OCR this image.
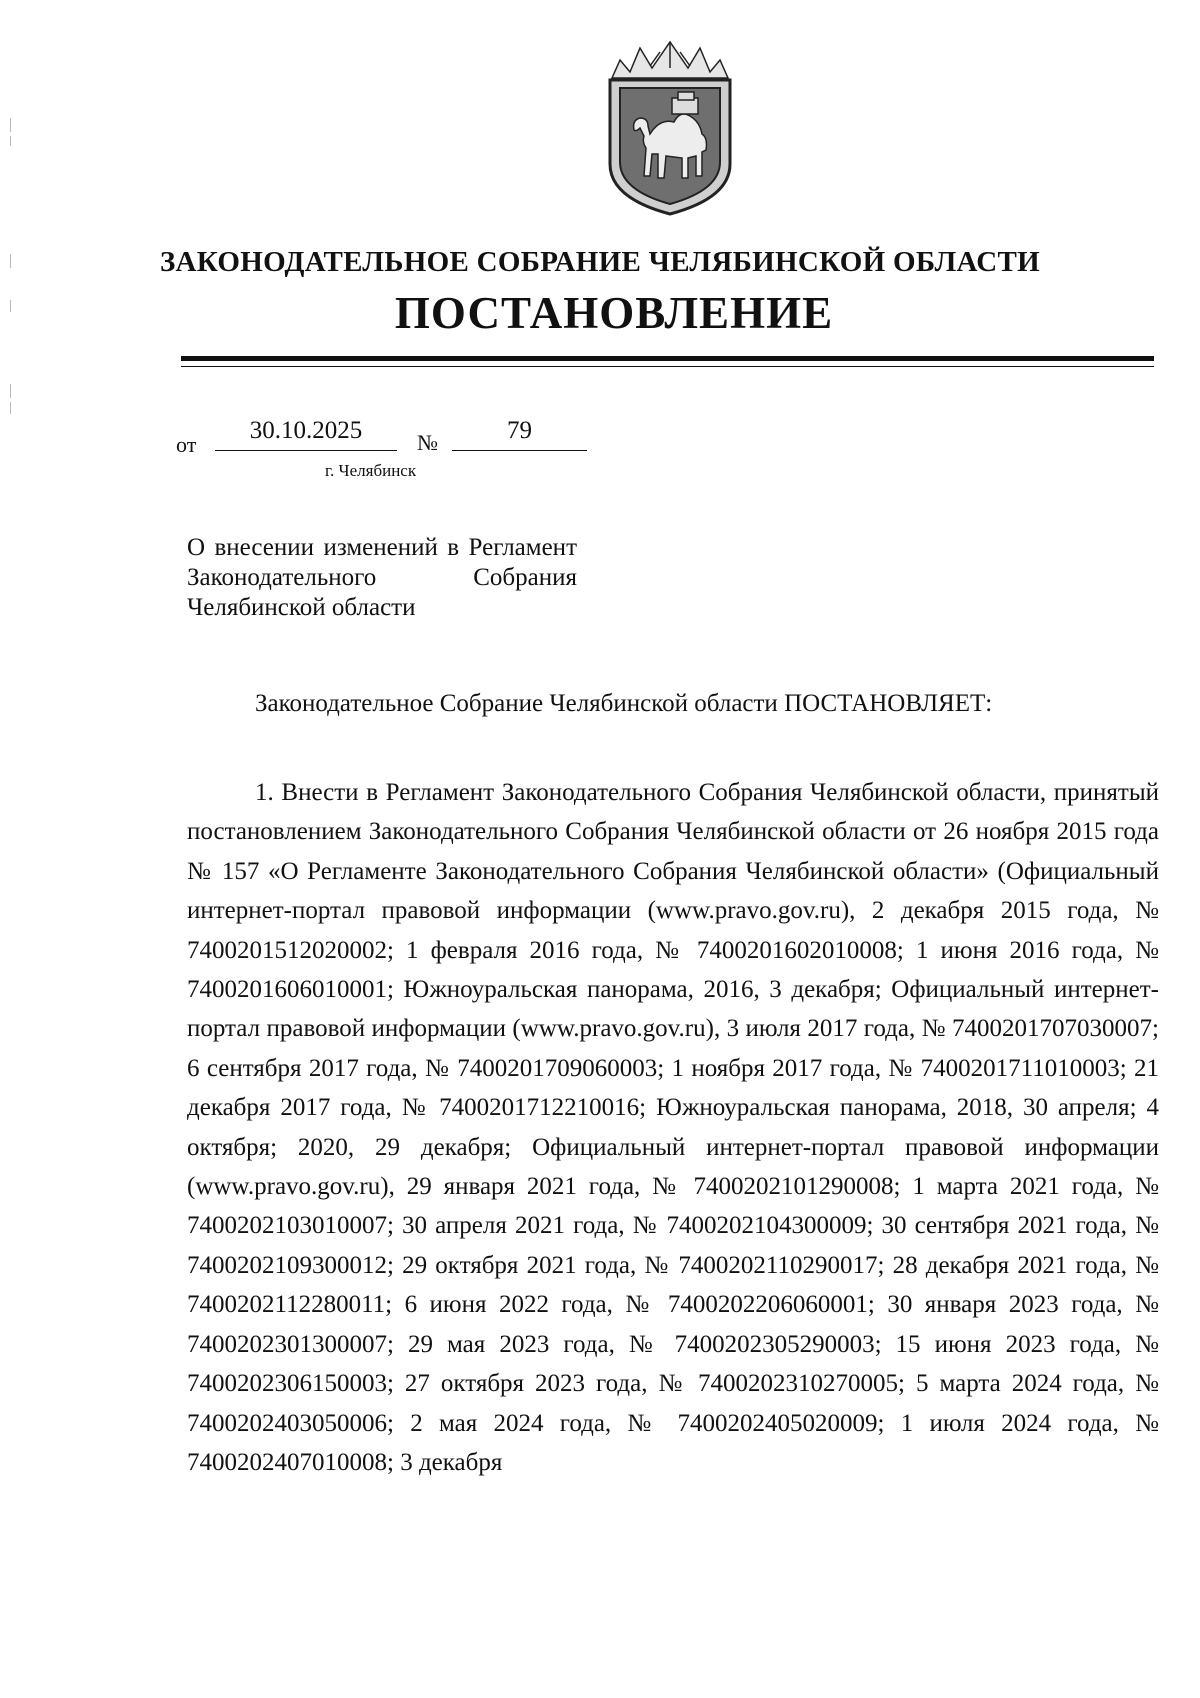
ЗАКОНОДАТЕЛЬНОЕ СОБРАНИЕ ЧЕЛЯБИНСКОЙ ОБЛАСТИ
ПОСТАНОВЛЕНИЕ
от
30.10.2025	№	79
г. Челябинск
О внесении изменений в Регламент Законодательного Собрания Челябинской области
Законодательное Собрание Челябинской области ПОСТАНОВЛЯЕТ:
1. Внести в Регламент Законодательного Собрания Челябинской области, принятый постановлением Законодательного Собрания Челябинской области от 26 ноября 2015 года № 157 «О Регламенте Законодательного Собрания Челябинской области» (Официальный интернет-портал правовой информации (www.pravo.gov.ru), 2 декабря 2015 года, № 7400201512020002; 1 февраля 2016 года, № 7400201602010008; 1 июня 2016 года, № 7400201606010001; Южноуральская панорама, 2016, 3 декабря; Официальный интернет-портал правовой информации (www.pravo.gov.ru), 3 июля 2017 года, № 7400201707030007; 6 сентября 2017 года, № 7400201709060003; 1 ноября 2017 года, № 7400201711010003; 21 декабря 2017 года, № 7400201712210016; Южноуральская панорама, 2018, 30 апреля; 4 октября; 2020, 29 декабря; Официальный интернет-портал правовой информации (www.pravo.gov.ru), 29 января 2021 года, № 7400202101290008; 1 марта 2021 года, № 7400202103010007; 30 апреля 2021 года, № 7400202104300009; 30 сентября 2021 года, № 7400202109300012; 29 октября 2021 года, № 7400202110290017; 28 декабря 2021 года, № 7400202112280011; 6 июня 2022 года, № 7400202206060001; 30 января 2023 года, № 7400202301300007; 29 мая 2023 года, № 7400202305290003; 15 июня 2023 года, № 7400202306150003; 27 октября 2023 года, № 7400202310270005; 5 марта 2024 года, № 7400202403050006; 2 мая 2024 года, № 7400202405020009; 1 июля 2024 года, № 7400202407010008; 3 декабря
